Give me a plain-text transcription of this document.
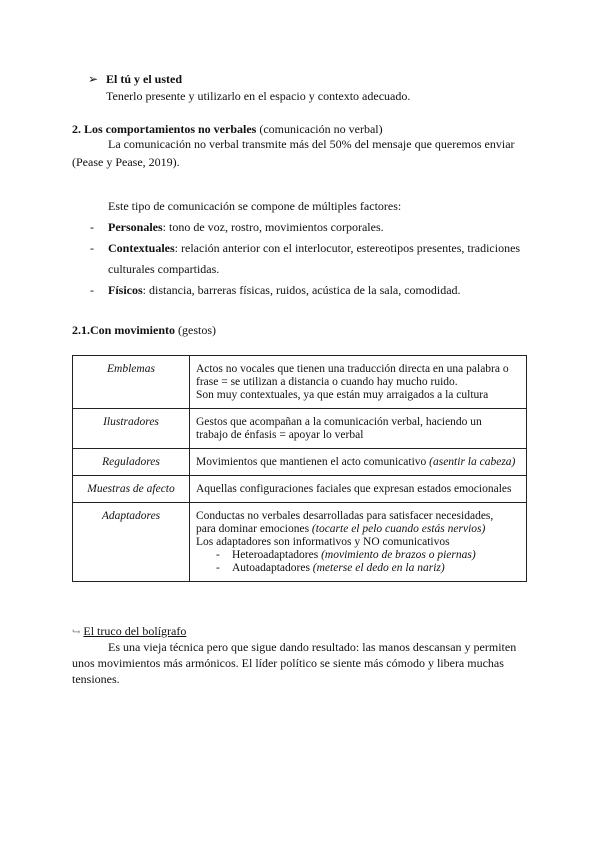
➢ El tú y el usted
Tenerlo presente y utilizarlo en el espacio y contexto adecuado.
2. Los comportamientos no verbales (comunicación no verbal)
La comunicación no verbal transmite más del 50% del mensaje que queremos enviar
(Pease y Pease, 2019).
Este tipo de comunicación se compone de múltiples factores:
- Personales: tono de voz, rostro, movimientos corporales.
- Contextuales: relación anterior con el interlocutor, estereotipos presentes, tradiciones
culturales compartidas.
- Físicos: distancia, barreras físicas, ruidos, acústica de la sala, comodidad.
2.1.Con movimiento (gestos)
Emblemas	Actos no vocales que tienen una traducción directa en una palabra o
frase = se utilizan a distancia o cuando hay mucho ruido.
Son muy contextuales, ya que están muy arraigados a la cultura

Ilustradores	Gestos que acompañan a la comunicación verbal, haciendo un
trabajo de énfasis = apoyar lo verbal

Reguladores	Movimientos que mantienen el acto comunicativo (asentir la cabeza)
Muestras de afecto	Aquellas configuraciones faciales que expresan estados emocionales
Adaptadores	Conductas no verbales desarrolladas para satisfacer necesidades,
para dominar emociones (tocarte el pelo cuando estás nervios)
Los adaptadores son informativos y NO comunicativos
- Heteroadaptadores (movimiento de brazos o piernas)
- Autoadaptadores (meterse el dedo en la nariz)
↪ El truco del bolígrafo
Es una vieja técnica pero que sigue dando resultado: las manos descansan y permiten
unos movimientos más armónicos. El líder político se siente más cómodo y libera muchas
tensiones.
